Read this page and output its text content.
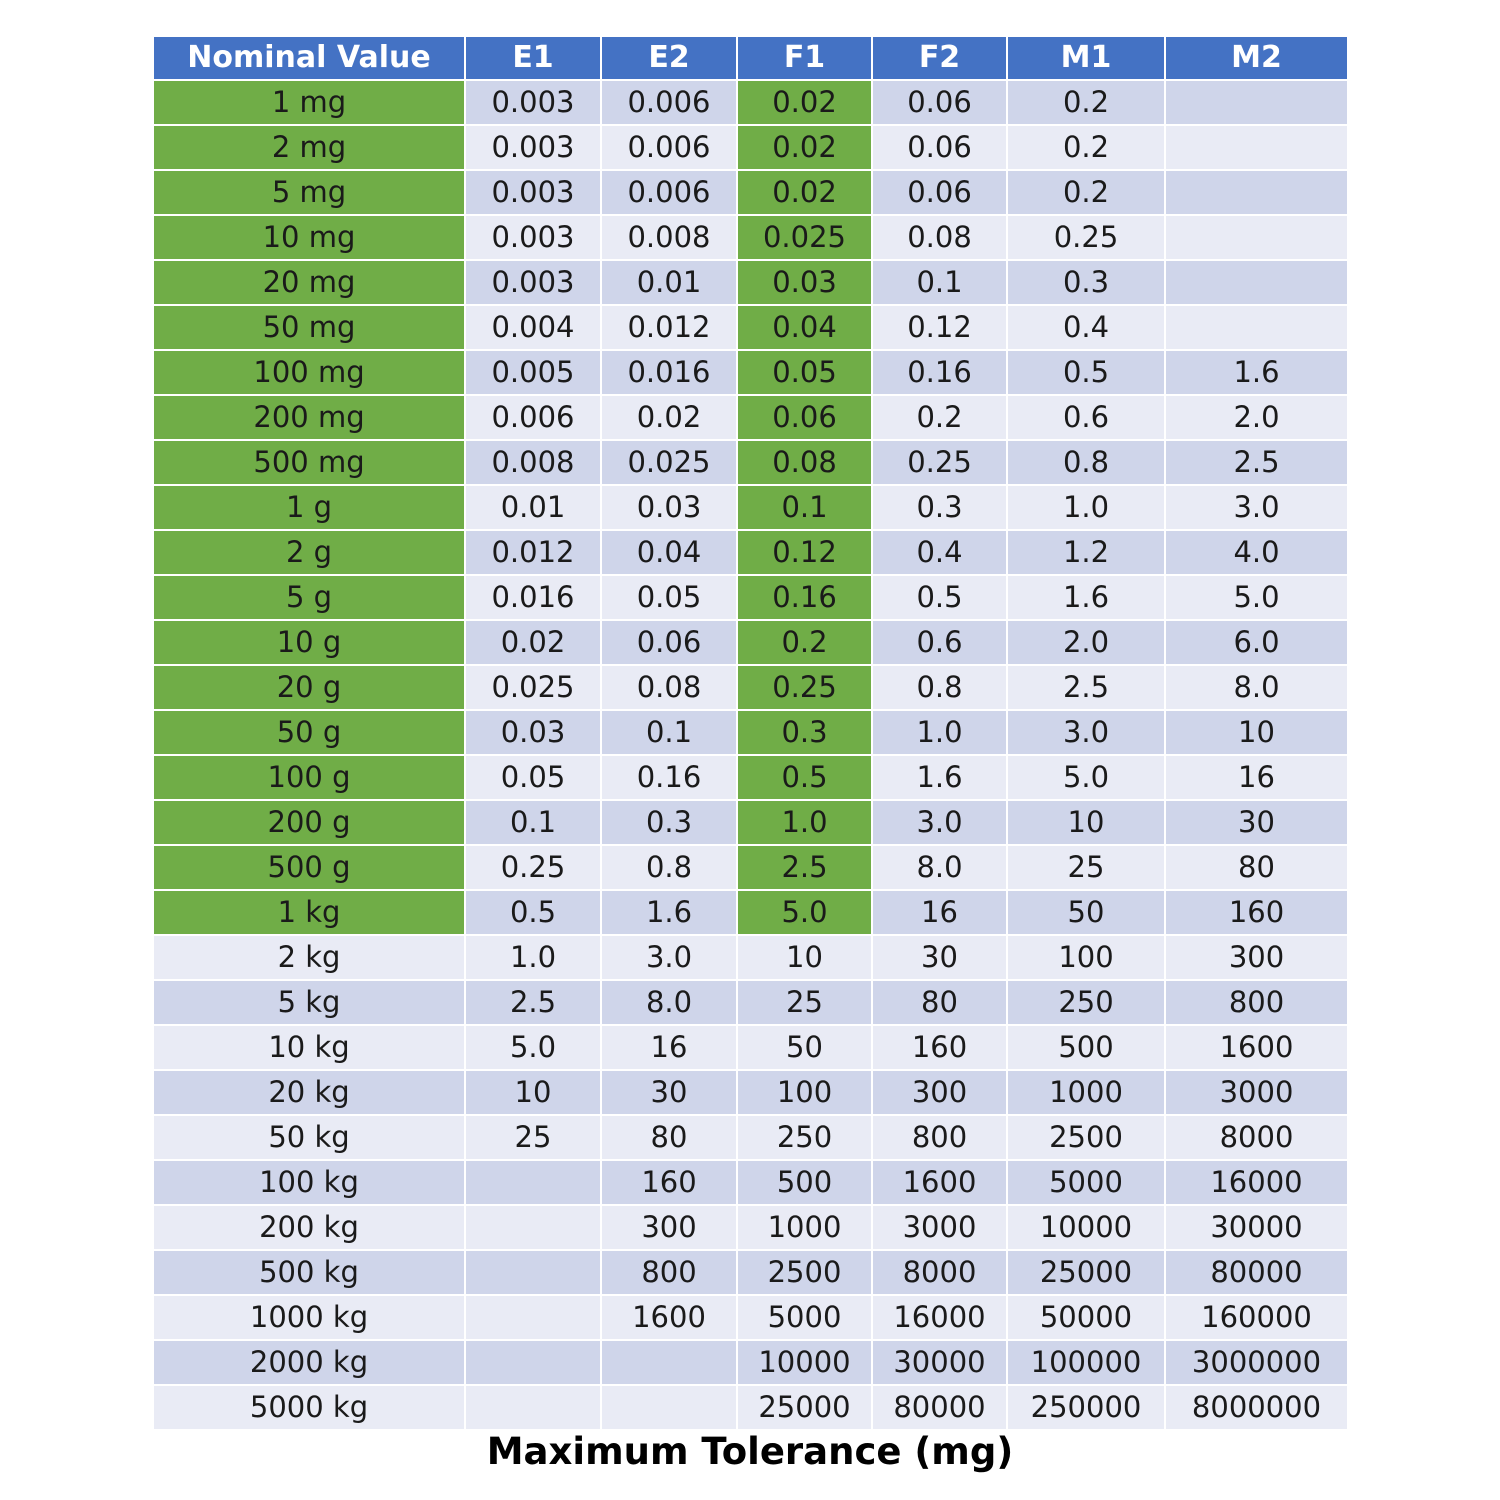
Nominal Value	E1	E2	F1	F2	M1	M2
1 mg	0.003	0.006	0.02	0.06	0.2	
2 mg	0.003	0.006	0.02	0.06	0.2	
5 mg	0.003	0.006	0.02	0.06	0.2	
10 mg	0.003	0.008	0.025	0.08	0.25	
20 mg	0.003	0.01	0.03	0.1	0.3	
50 mg	0.004	0.012	0.04	0.12	0.4	
100 mg	0.005	0.016	0.05	0.16	0.5	1.6
200 mg	0.006	0.02	0.06	0.2	0.6	2.0
500 mg	0.008	0.025	0.08	0.25	0.8	2.5
1 g	0.01	0.03	0.1	0.3	1.0	3.0
2 g	0.012	0.04	0.12	0.4	1.2	4.0
5 g	0.016	0.05	0.16	0.5	1.6	5.0
10 g	0.02	0.06	0.2	0.6	2.0	6.0
20 g	0.025	0.08	0.25	0.8	2.5	8.0
50 g	0.03	0.1	0.3	1.0	3.0	10
100 g	0.05	0.16	0.5	1.6	5.0	16
200 g	0.1	0.3	1.0	3.0	10	30
500 g	0.25	0.8	2.5	8.0	25	80
1 kg	0.5	1.6	5.0	16	50	160
2 kg	1.0	3.0	10	30	100	300
5 kg	2.5	8.0	25	80	250	800
10 kg	5.0	16	50	160	500	1600
20 kg	10	30	100	300	1000	3000
50 kg	25	80	250	800	2500	8000
100 kg		160	500	1600	5000	16000
200 kg		300	1000	3000	10000	30000
500 kg		800	2500	8000	25000	80000
1000 kg		1600	5000	16000	50000	160000
2000 kg			10000	30000	100000	3000000
5000 kg			25000	80000	250000	8000000
Maximum Tolerance (mg)
